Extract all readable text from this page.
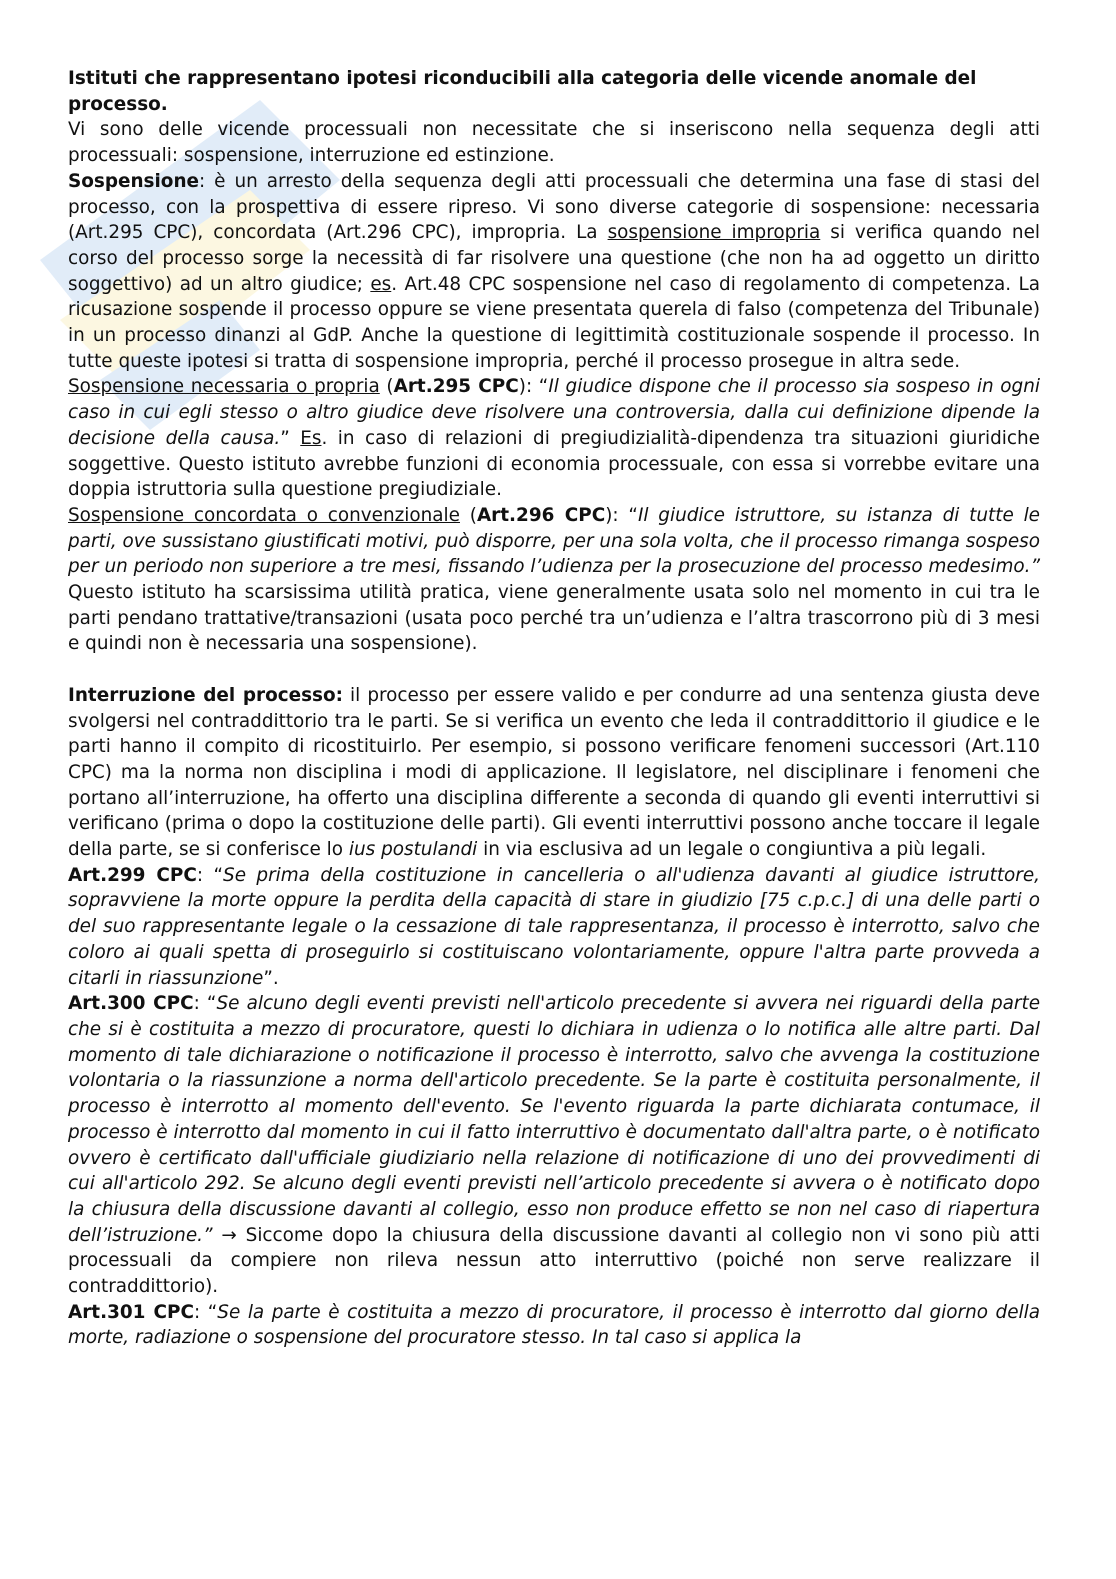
Istituti che rappresentano ipotesi riconducibili alla categoria delle vicende anomale del processo.

Vi sono delle vicende processuali non necessitate che si inseriscono nella sequenza degli atti processuali: sospensione, interruzione ed estinzione.

Sospensione: è un arresto della sequenza degli atti processuali che determina una fase di stasi del processo, con la prospettiva di essere ripreso. Vi sono diverse categorie di sospensione: necessaria (Art.295 CPC), concordata (Art.296 CPC), impropria. La sospensione impropria si verifica quando nel corso del processo sorge la necessità di far risolvere una questione (che non ha ad oggetto un diritto soggettivo) ad un altro giudice; es. Art.48 CPC sospensione nel caso di regolamento di competenza. La ricusazione sospende il processo oppure se viene presentata querela di falso (competenza del Tribunale) in un processo dinanzi al GdP. Anche la questione di legittimità costituzionale sospende il processo. In tutte queste ipotesi si tratta di sospensione impropria, perché il processo prosegue in altra sede.

Sospensione necessaria o propria (Art.295 CPC): “Il giudice dispone che il processo sia sospeso in ogni caso in cui egli stesso o altro giudice deve risolvere una controversia, dalla cui definizione dipende la decisione della causa.” Es. in caso di relazioni di pregiudizialità-dipendenza tra situazioni giuridiche soggettive. Questo istituto avrebbe funzioni di economia processuale, con essa si vorrebbe evitare una doppia istruttoria sulla questione pregiudiziale.

Sospensione concordata o convenzionale (Art.296 CPC): “Il giudice istruttore, su istanza di tutte le parti, ove sussistano giustificati motivi, può disporre, per una sola volta, che il processo rimanga sospeso per un periodo non superiore a tre mesi, fissando l’udienza per la prosecuzione del processo medesimo.” Questo istituto ha scarsissima utilità pratica, viene generalmente usata solo nel momento in cui tra le parti pendano trattative/transazioni (usata poco perché tra un’udienza e l’altra trascorrono più di 3 mesi e quindi non è necessaria una sospensione).

Interruzione del processo: il processo per essere valido e per condurre ad una sentenza giusta deve svolgersi nel contraddittorio tra le parti. Se si verifica un evento che leda il contraddittorio il giudice e le parti hanno il compito di ricostituirlo. Per esempio, si possono verificare fenomeni successori (Art.110 CPC) ma la norma non disciplina i modi di applicazione. Il legislatore, nel disciplinare i fenomeni che portano all’interruzione, ha offerto una disciplina differente a seconda di quando gli eventi interruttivi si verificano (prima o dopo la costituzione delle parti). Gli eventi interruttivi possono anche toccare il legale della parte, se si conferisce lo ius postulandi in via esclusiva ad un legale o congiuntiva a più legali.

Art.299 CPC: “Se prima della costituzione in cancelleria o all'udienza davanti al giudice istruttore, sopravviene la morte oppure la perdita della capacità di stare in giudizio [75 c.p.c.] di una delle parti o del suo rappresentante legale o la cessazione di tale rappresentanza, il processo è interrotto, salvo che coloro ai quali spetta di proseguirlo si costituiscano volontariamente, oppure l'altra parte provveda a citarli in riassunzione”.

Art.300 CPC: “Se alcuno degli eventi previsti nell'articolo precedente si avvera nei riguardi della parte che si è costituita a mezzo di procuratore, questi lo dichiara in udienza o lo notifica alle altre parti. Dal momento di tale dichiarazione o notificazione il processo è interrotto, salvo che avvenga la costituzione volontaria o la riassunzione a norma dell'articolo precedente. Se la parte è costituita personalmente, il processo è interrotto al momento dell'evento. Se l'evento riguarda la parte dichiarata contumace, il processo è interrotto dal momento in cui il fatto interruttivo è documentato dall'altra parte, o è notificato ovvero è certificato dall'ufficiale giudiziario nella relazione di notificazione di uno dei provvedimenti di cui all'articolo 292. Se alcuno degli eventi previsti nell’articolo precedente si avvera o è notificato dopo la chiusura della discussione davanti al collegio, esso non produce effetto se non nel caso di riapertura dell’istruzione.” → Siccome dopo la chiusura della discussione davanti al collegio non vi sono più atti processuali da compiere non rileva nessun atto interruttivo (poiché non serve realizzare il contraddittorio).

Art.301 CPC: “Se la parte è costituita a mezzo di procuratore, il processo è interrotto dal giorno della morte, radiazione o sospensione del procuratore stesso. In tal caso si applica la
